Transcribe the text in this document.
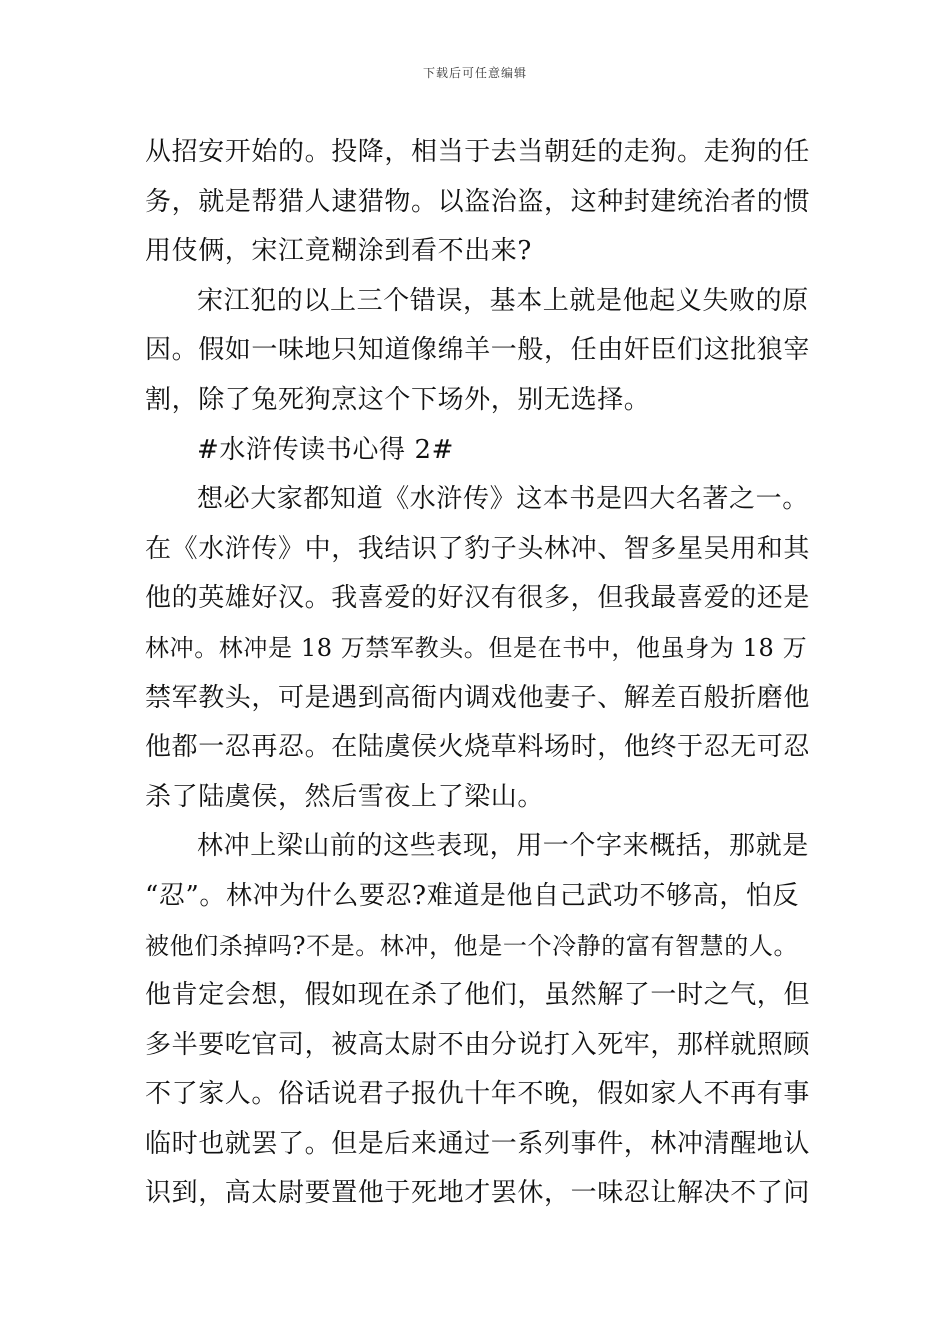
下载后可任意编辑
从招安开始的。投降，相当于去当朝廷的走狗。走狗的任
务，就是帮猎人逮猎物。以盗治盗，这种封建统治者的惯
用伎俩，宋江竟糊涂到看不出来?
宋江犯的以上三个错误，基本上就是他起义失败的原
因。假如一味地只知道像绵羊一般，任由奸臣们这批狼宰
割，除了兔死狗烹这个下场外，别无选择。
#水浒传读书心得 2#
想必大家都知道《水浒传》这本书是四大名著之一。
在《水浒传》中，我结识了豹子头林冲、智多星吴用和其
他的英雄好汉。我喜爱的好汉有很多，但我最喜爱的还是
林冲。林冲是 18 万禁军教头。但是在书中，他虽身为 18 万
禁军教头，可是遇到高衙内调戏他妻子、解差百般折磨他
他都一忍再忍。在陆虞侯火烧草料场时，他终于忍无可忍
杀了陆虞侯，然后雪夜上了梁山。
林冲上梁山前的这些表现，用一个字来概括，那就是
“忍”。林冲为什么要忍?难道是他自己武功不够高，怕反
被他们杀掉吗?不是。林冲，他是一个冷静的富有智慧的人。
他肯定会想，假如现在杀了他们，虽然解了一时之气，但
多半要吃官司，被高太尉不由分说打入死牢，那样就照顾
不了家人。俗话说君子报仇十年不晚，假如家人不再有事
临时也就罢了。但是后来通过一系列事件，林冲清醒地认
识到，高太尉要置他于死地才罢休，一味忍让解决不了问
